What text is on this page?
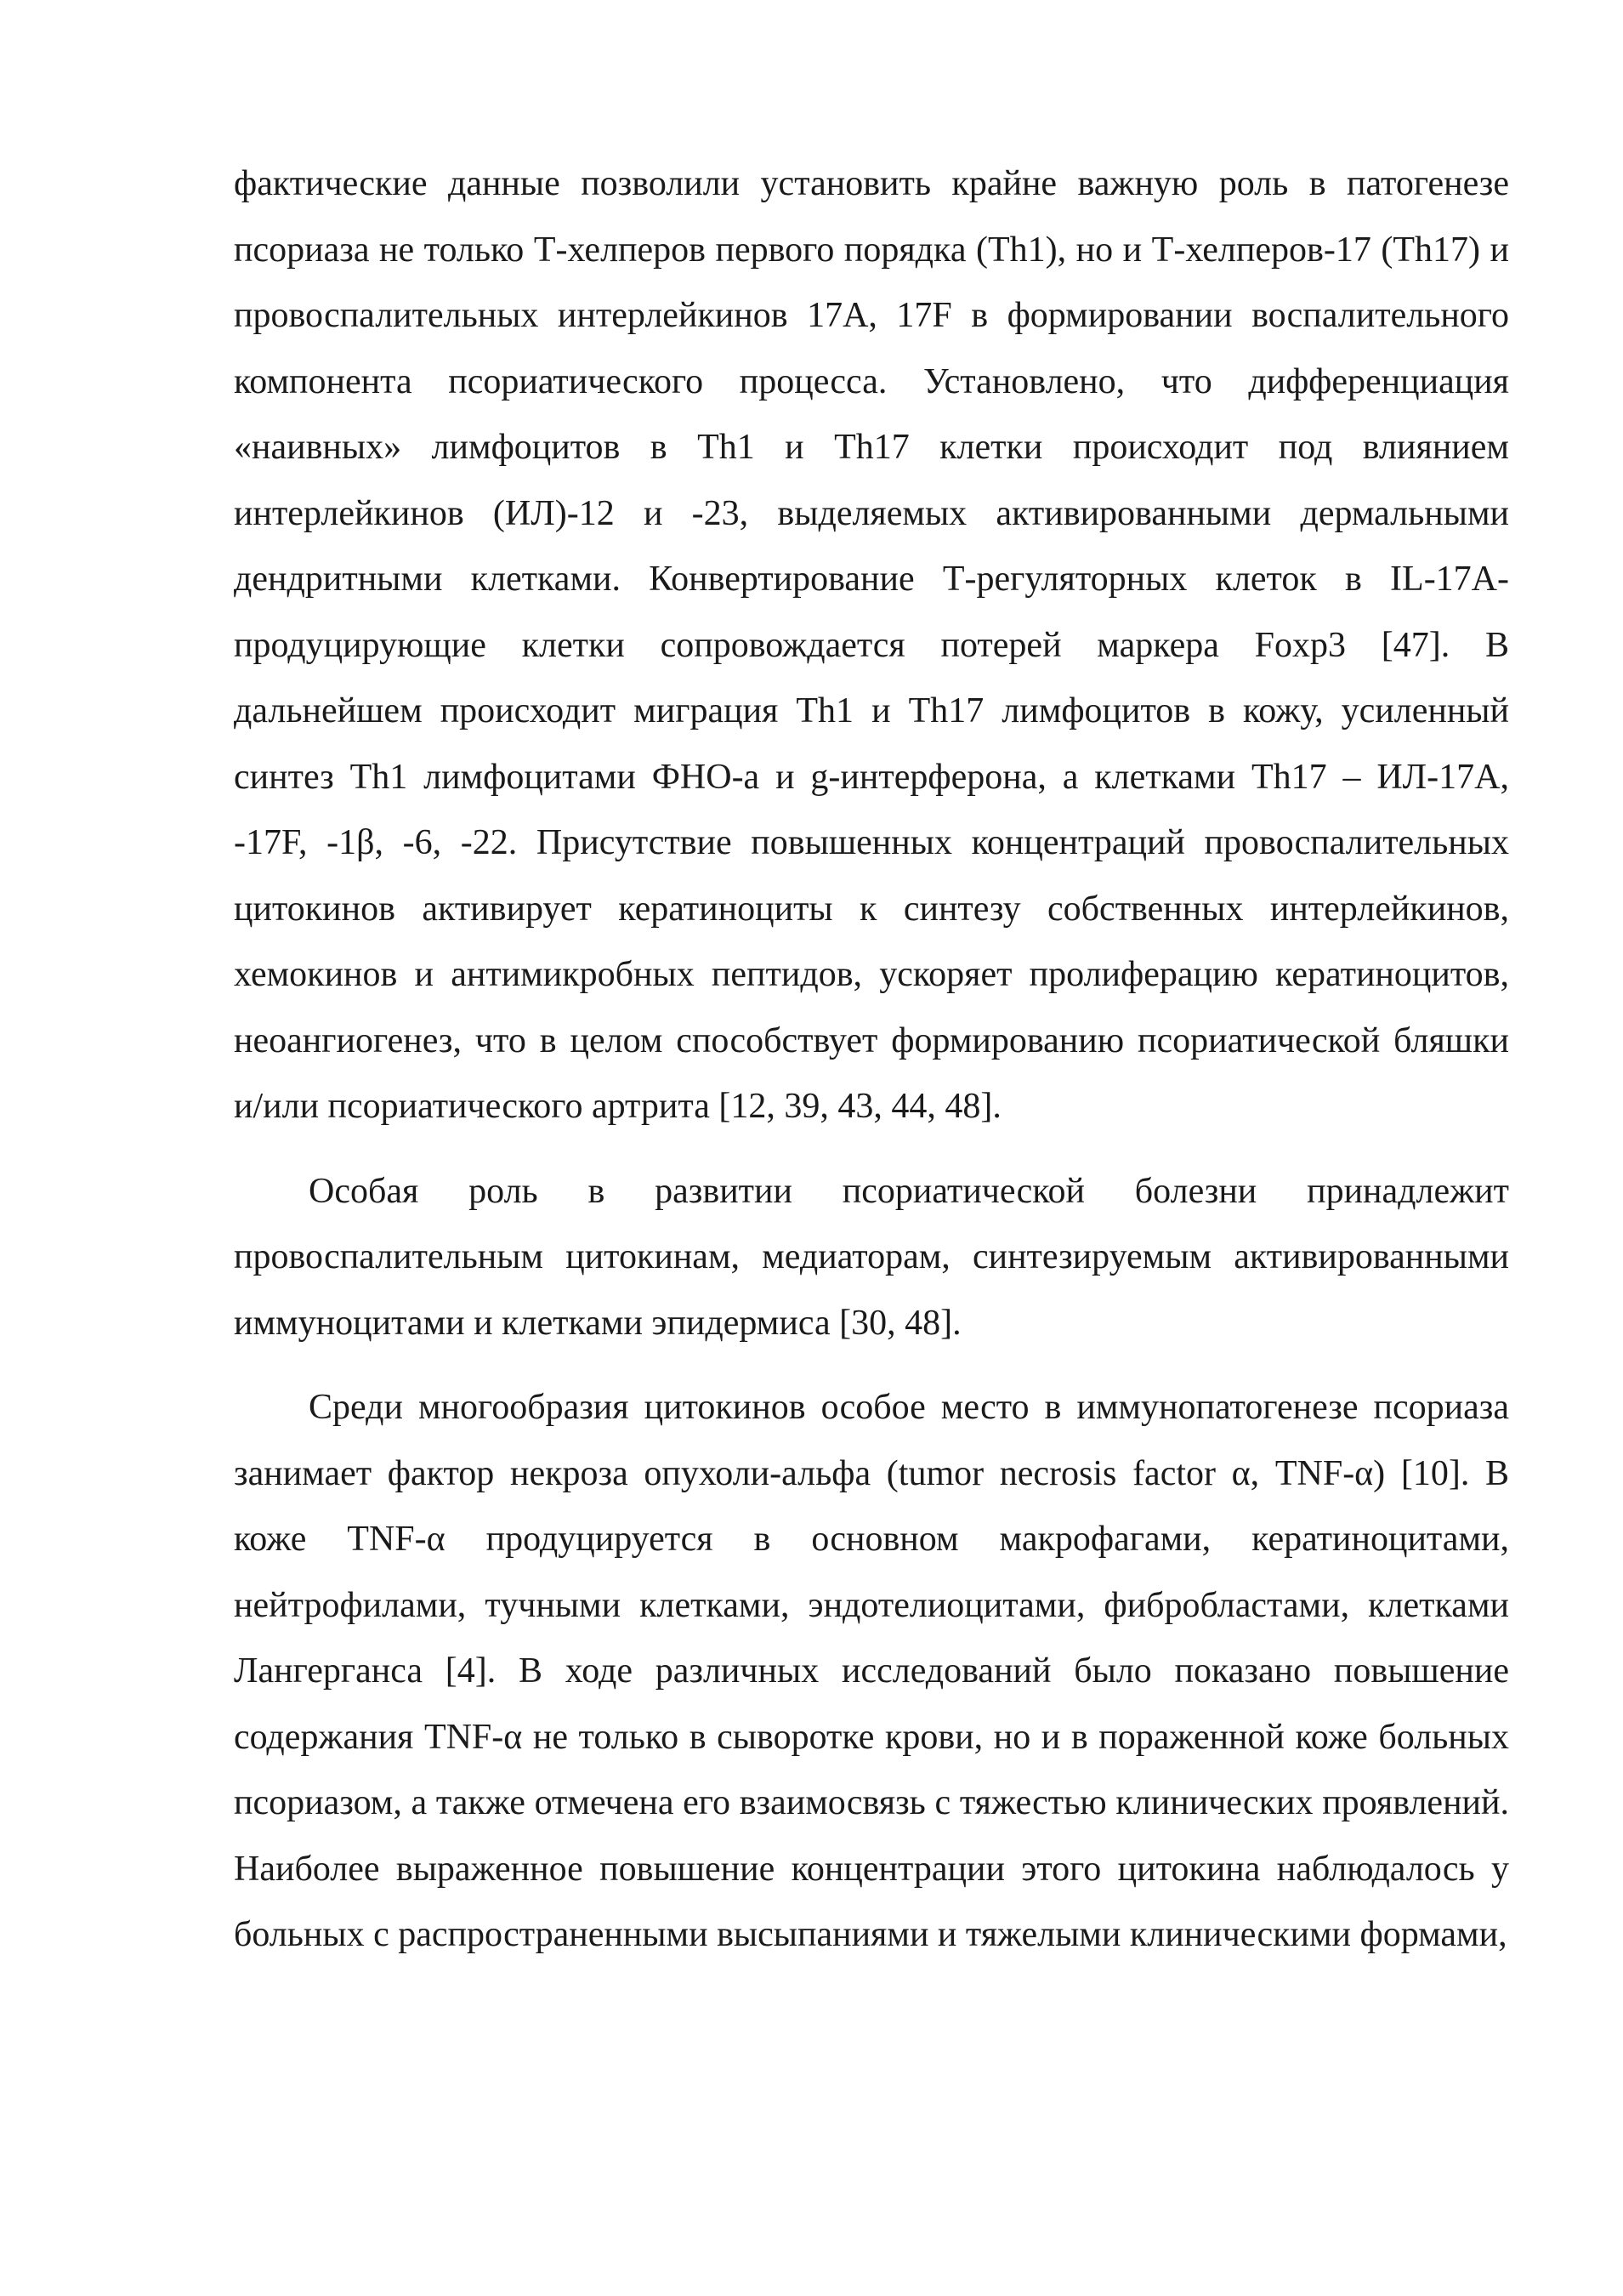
фактические данные позволили установить крайне важную роль в патогенезе псориаза не только Т-хелперов первого порядка (Th1), но и Т-хелперов-17 (Th17) и провоспалительных интерлейкинов 17A, 17F в формировании воспалительного компонента псориатического процесса. Установлено, что дифференциация «наивных» лимфоцитов в Th1 и Th17 клетки происходит под влиянием интерлейкинов (ИЛ)-12 и -23, выделяемых активированными дермальными дендритными клетками. Конвертирование Т-регуляторных клеток в IL-17A-продуцирующие клетки сопровождается потерей маркера Foxp3 [47]. В дальнейшем происходит миграция Th1 и Th17 лимфоцитов в кожу, усиленный синтез Th1 лимфоцитами ФНО-a и g-интерферона, а клетками Th17 – ИЛ-17A, -17F, -1β, -6, -22. Присутствие повышенных концентраций провоспалительных цитокинов активирует кератиноциты к синтезу собственных интерлейкинов, хемокинов и антимикробных пептидов, ускоряет пролиферацию кератиноцитов, неоангиогенез, что в целом способствует формированию псориатической бляшки и/или псориатического артрита [12, 39, 43, 44, 48].

Особая роль в развитии псориатической болезни принадлежит провоспалительным цитокинам, медиаторам, синтезируемым активированными иммуноцитами и клетками эпидермиса [30, 48].

Среди многообразия цитокинов особое место в иммунопатогенезе псориаза занимает фактор некроза опухоли-альфа (tumor necrosis factor α, TNF-α) [10]. В коже TNF-α продуцируется в основном макрофагами, кератиноцитами, нейтрофилами, тучными клетками, эндотелиоцитами, фибробластами, клетками Лангерганса [4]. В ходе различных исследований было показано повышение содержания TNF-α не только в сыворотке крови, но и в пораженной коже больных псориазом, а также отмечена его взаимосвязь с тяжестью клинических проявлений. Наиболее выраженное повышение концентрации этого цитокина наблюдалось у больных с распространенными высыпаниями и тяжелыми клиническими формами,
